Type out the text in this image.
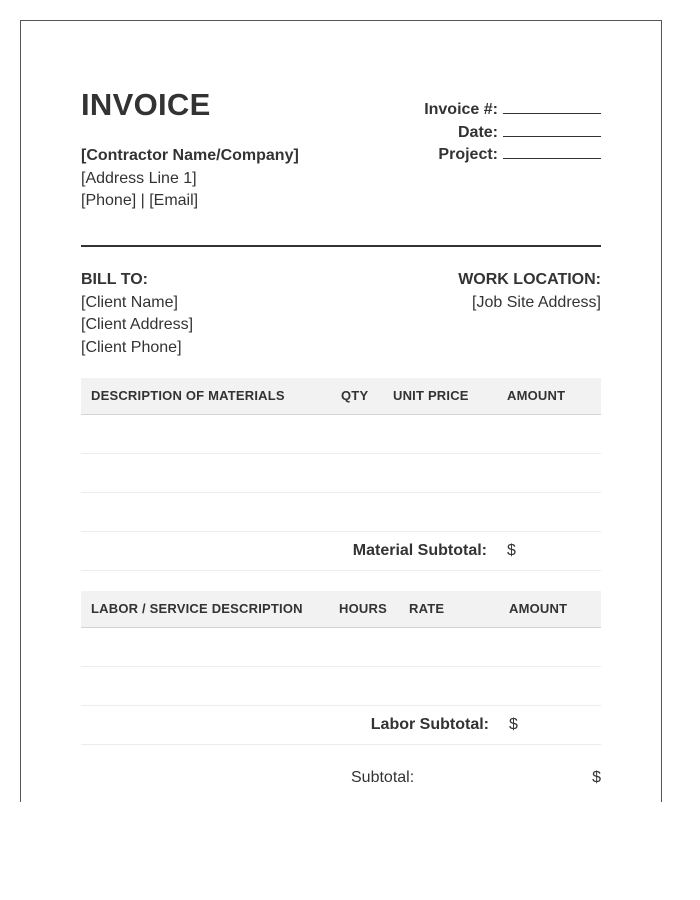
INVOICE
[Contractor Name/Company]
[Address Line 1]
[Phone] | [Email]
Invoice #:
Date:
Project:
BILL TO:
[Client Name]
[Client Address]
[Client Phone]
WORK LOCATION:
[Job Site Address]
DESCRIPTION OF MATERIALS	QTY	UNIT PRICE	AMOUNT

Material Subtotal:			$
LABOR / SERVICE DESCRIPTION	HOURS	RATE	AMOUNT

Labor Subtotal:			$
Subtotal:	$
